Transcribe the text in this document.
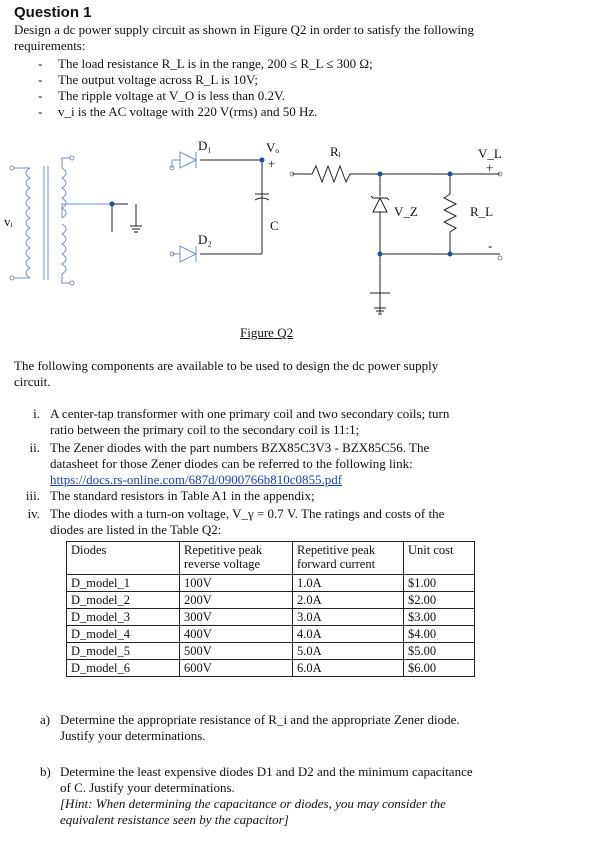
Question 1
Design a dc power supply circuit as shown in Figure Q2 in order to satisfy the following
requirements:
- The load resistance R_L is in the range, 200 ≤ R_L ≤ 300 Ω;
- The output voltage across R_L is 10V;
- The ripple voltage at V_O is less than 0.2V.
- v_i is the AC voltage with 220 V(rms) and 50 Hz.
D₁
D₂
Vₒ
+
C
Rᵢ
V_Z	R_L
V_L
+
-
vᵢ
Figure Q2
The following components are available to be used to design the dc power supply
circuit.
i. A center-tap transformer with one primary coil and two secondary coils; turn
ratio between the primary coil to the secondary coil is 11:1;
ii. The Zener diodes with the part numbers BZX85C3V3 - BZX85C56. The
datasheet for those Zener diodes can be referred to the following link:
https://docs.rs-online.com/687d/0900766b810c0855.pdf
iii. The standard resistors in Table A1 in the appendix;
iv. The diodes with a turn-on voltage, V_γ = 0.7 V. The ratings and costs of the
diodes are listed in the Table Q2:
Diodes	Repetitive peak reverse voltage	Repetitive peak forward current	Unit cost
D_model_1	100V	1.0A	$1.00
D_model_2	200V	2.0A	$2.00
D_model_3	300V	3.0A	$3.00
D_model_4	400V	4.0A	$4.00
D_model_5	500V	5.0A	$5.00
D_model_6	600V	6.0A	$6.00
a) Determine the appropriate resistance of R_i and the appropriate Zener diode.
Justify your determinations.
b) Determine the least expensive diodes D1 and D2 and the minimum capacitance
of C. Justify your determinations.
[Hint: When determining the capacitance or diodes, you may consider the
equivalent resistance seen by the capacitor]
